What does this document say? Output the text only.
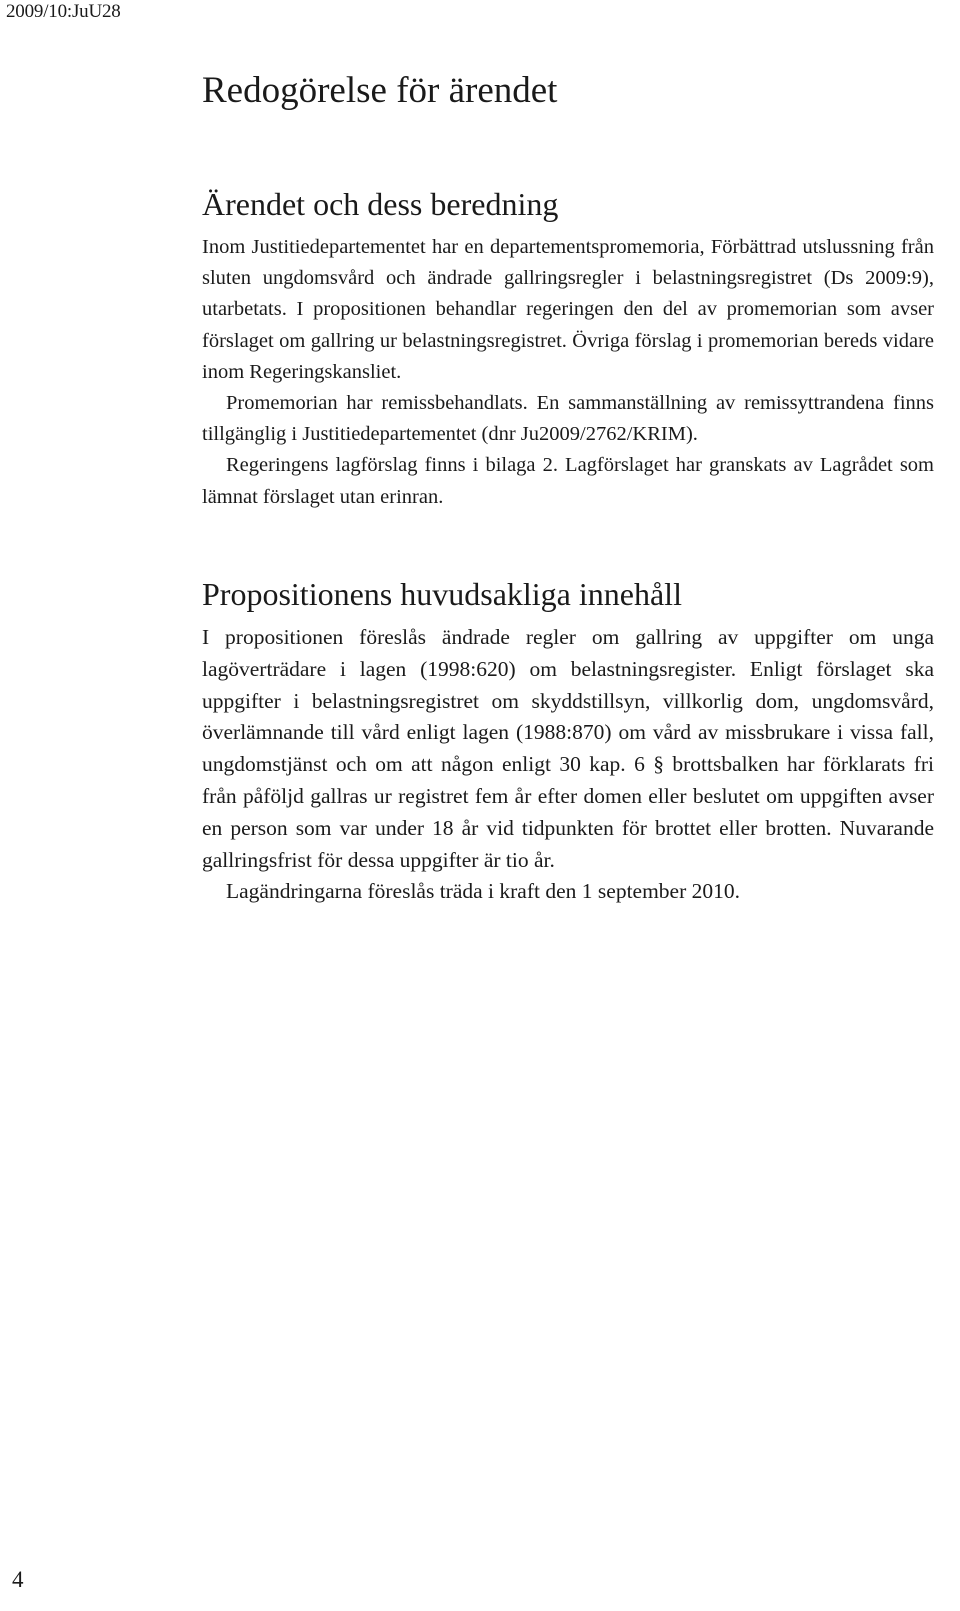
2009/10:JuU28
Redogörelse för ärendet
Ärendet och dess beredning

Inom Justitiedepartementet har en departementspromemoria, Förbättrad utslussning från sluten ungdomsvård och ändrade gallringsregler i belastningsregistret (Ds 2009:9), utarbetats. I propositionen behandlar regeringen den del av promemorian som avser förslaget om gallring ur belastningsregistret. Övriga förslag i promemorian bereds vidare inom Regeringskansliet.

Promemorian har remissbehandlats. En sammanställning av remissyttrandena finns tillgänglig i Justitiedepartementet (dnr Ju2009/2762/KRIM).

Regeringens lagförslag finns i bilaga 2. Lagförslaget har granskats av Lagrådet som lämnat förslaget utan erinran.

Propositionens huvudsakliga innehåll

I propositionen föreslås ändrade regler om gallring av uppgifter om unga lagöverträdare i lagen (1998:620) om belastningsregister. Enligt förslaget ska uppgifter i belastningsregistret om skyddstillsyn, villkorlig dom, ungdomsvård, överlämnande till vård enligt lagen (1988:870) om vård av missbrukare i vissa fall, ungdomstjänst och om att någon enligt 30 kap. 6 § brottsbalken har förklarats fri från påföljd gallras ur registret fem år efter domen eller beslutet om uppgiften avser en person som var under 18 år vid tidpunkten för brottet eller brotten. Nuvarande gallringsfrist för dessa uppgifter är tio år.

Lagändringarna föreslås träda i kraft den 1 september 2010.

4
